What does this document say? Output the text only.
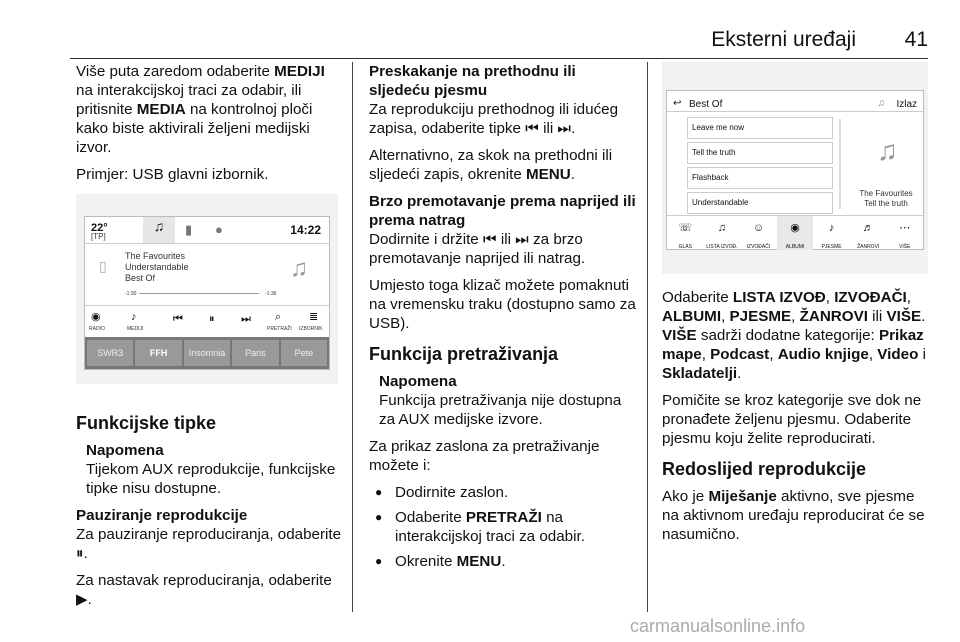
Eksterni uređaji 41

Više puta zaredom odaberite MEDIJI na interakcijskoj traci za odabir, ili pritisnite MEDIA na kontrolnoj ploči kako biste aktivirali željeni medijski izvor.

Primjer: USB glavni izbornik.

22°
[TP]
♫	▮ ●	14:22
▯
The Favourites
Understandable
Best Of	♫
-1:30	-1:36
◉
RADIO
♪
MEDIJI
⏮ ⏸ ⏭ ⌕
PRETRAŽI
≣
IZBORNIK
SWR3	FFH	Insomnia	Paris	Pete
Funkcijske tipke
Napomena
Tijekom AUX reprodukcije, funkcijske tipke nisu dostupne.
Pauziranje reprodukcije

Za pauziranje reproduciranja, odaberite ⏸.

Za nastavak reproduciranja, odaberite ▶.

Preskakanje na prethodnu ili sljedeću pjesmu

Za reprodukciju prethodnog ili idućeg zapisa, odaberite tipke ⏮ ili ⏭.

Alternativno, za skok na prethodni ili sljedeći zapis, okrenite MENU.

Brzo premotavanje prema naprijed ili prema natrag

Dodirnite i držite ⏮ ili ⏭ za brzo premotavanje naprijed ili natrag.

Umjesto toga klizač možete pomaknuti na vremensku traku (dostupno samo za USB).

Funkcija pretraživanja
Napomena
Funkcija pretraživanja nije dostupna za AUX medijske izvore.

Za prikaz zaslona za pretraživanje možete i:

● Dodirnite zaslon.
● Odaberite PRETRAŽI na interakcijskoj traci za odabir.
● Okrenite MENU.
↩ Best Of	♫ Izlaz
Leave me now
Tell the truth
Flashback
Understandable
♫
The Favourites
Tell the truth
☏
GLAS
♫
LISTA IZVOĐ.
☺
IZVOĐAČI
◉
ALBUMI
♪
PJESME
♬
ŽANROVI
⋯
VIŠE

Odaberite LISTA IZVOĐ, IZVOĐAČI, ALBUMI, PJESME, ŽANROVI ili VIŠE. VIŠE sadrži dodatne kategorije: Prikaz mape, Podcast, Audio knjige, Video i Skladatelji.

Pomičite se kroz kategorije sve dok ne pronađete željenu pjesmu. Odaberite pjesmu koju želite reproducirati.

Redoslijed reprodukcije

Ako je Miješanje aktivno, sve pjesme na aktivnom uređaju reproducirat će se nasumično.

carmanualsonline.info
